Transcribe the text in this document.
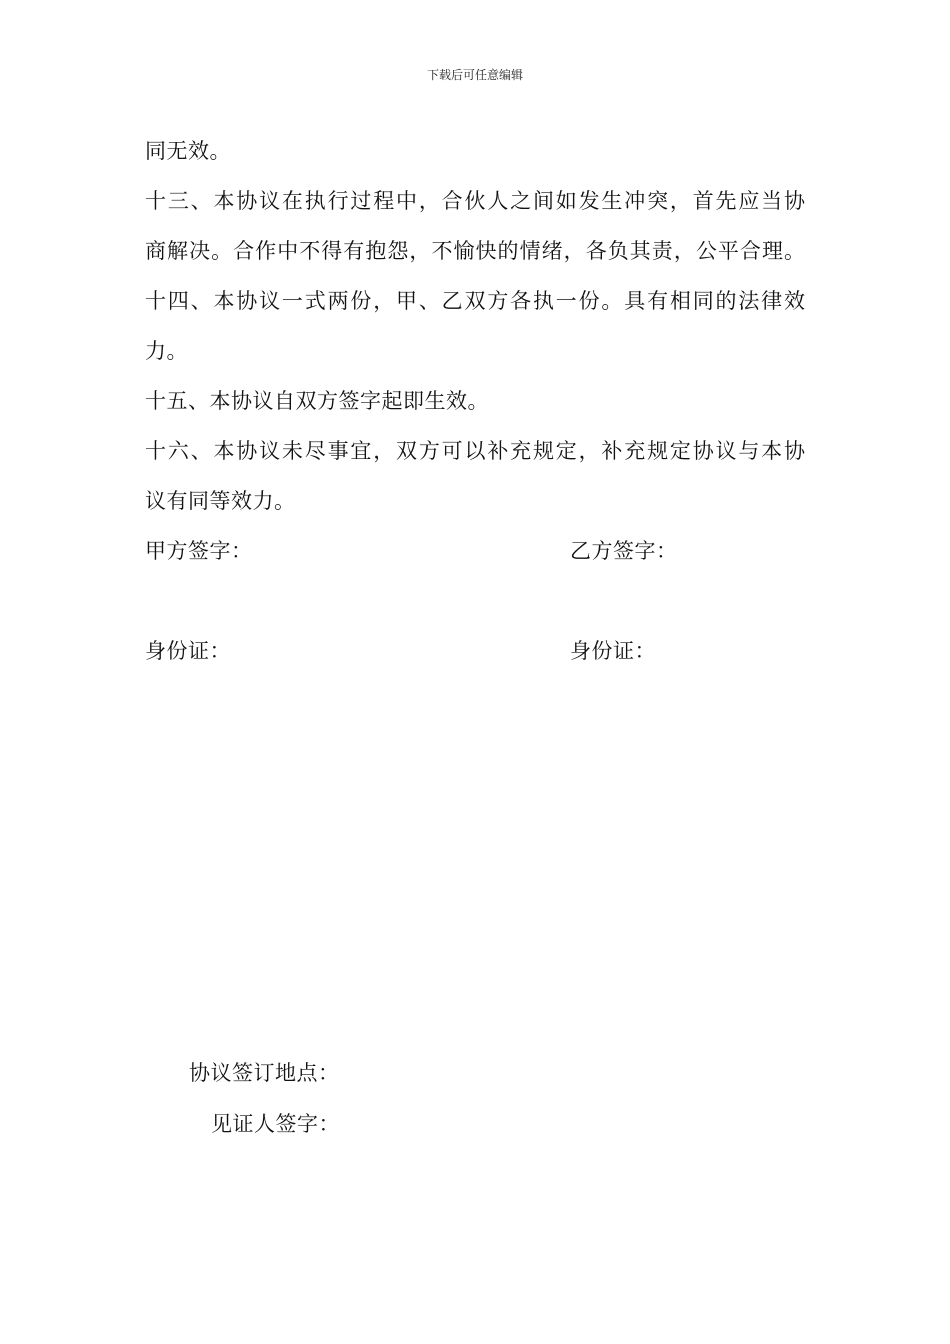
下载后可任意编辑
同无效。
十三、本协议在执行过程中，合伙人之间如发生冲突，首先应当协
商解决。合作中不得有抱怨，不愉快的情绪，各负其责，公平合理。
十四、本协议一式两份，甲、乙双方各执一份。具有相同的法律效
力。
十五、本协议自双方签字起即生效。
十六、本协议未尽事宜，双方可以补充规定，补充规定协议与本协
议有同等效力。
甲方签字：	乙方签字：
身份证：	身份证：
协议签订地点：
见证人签字：
